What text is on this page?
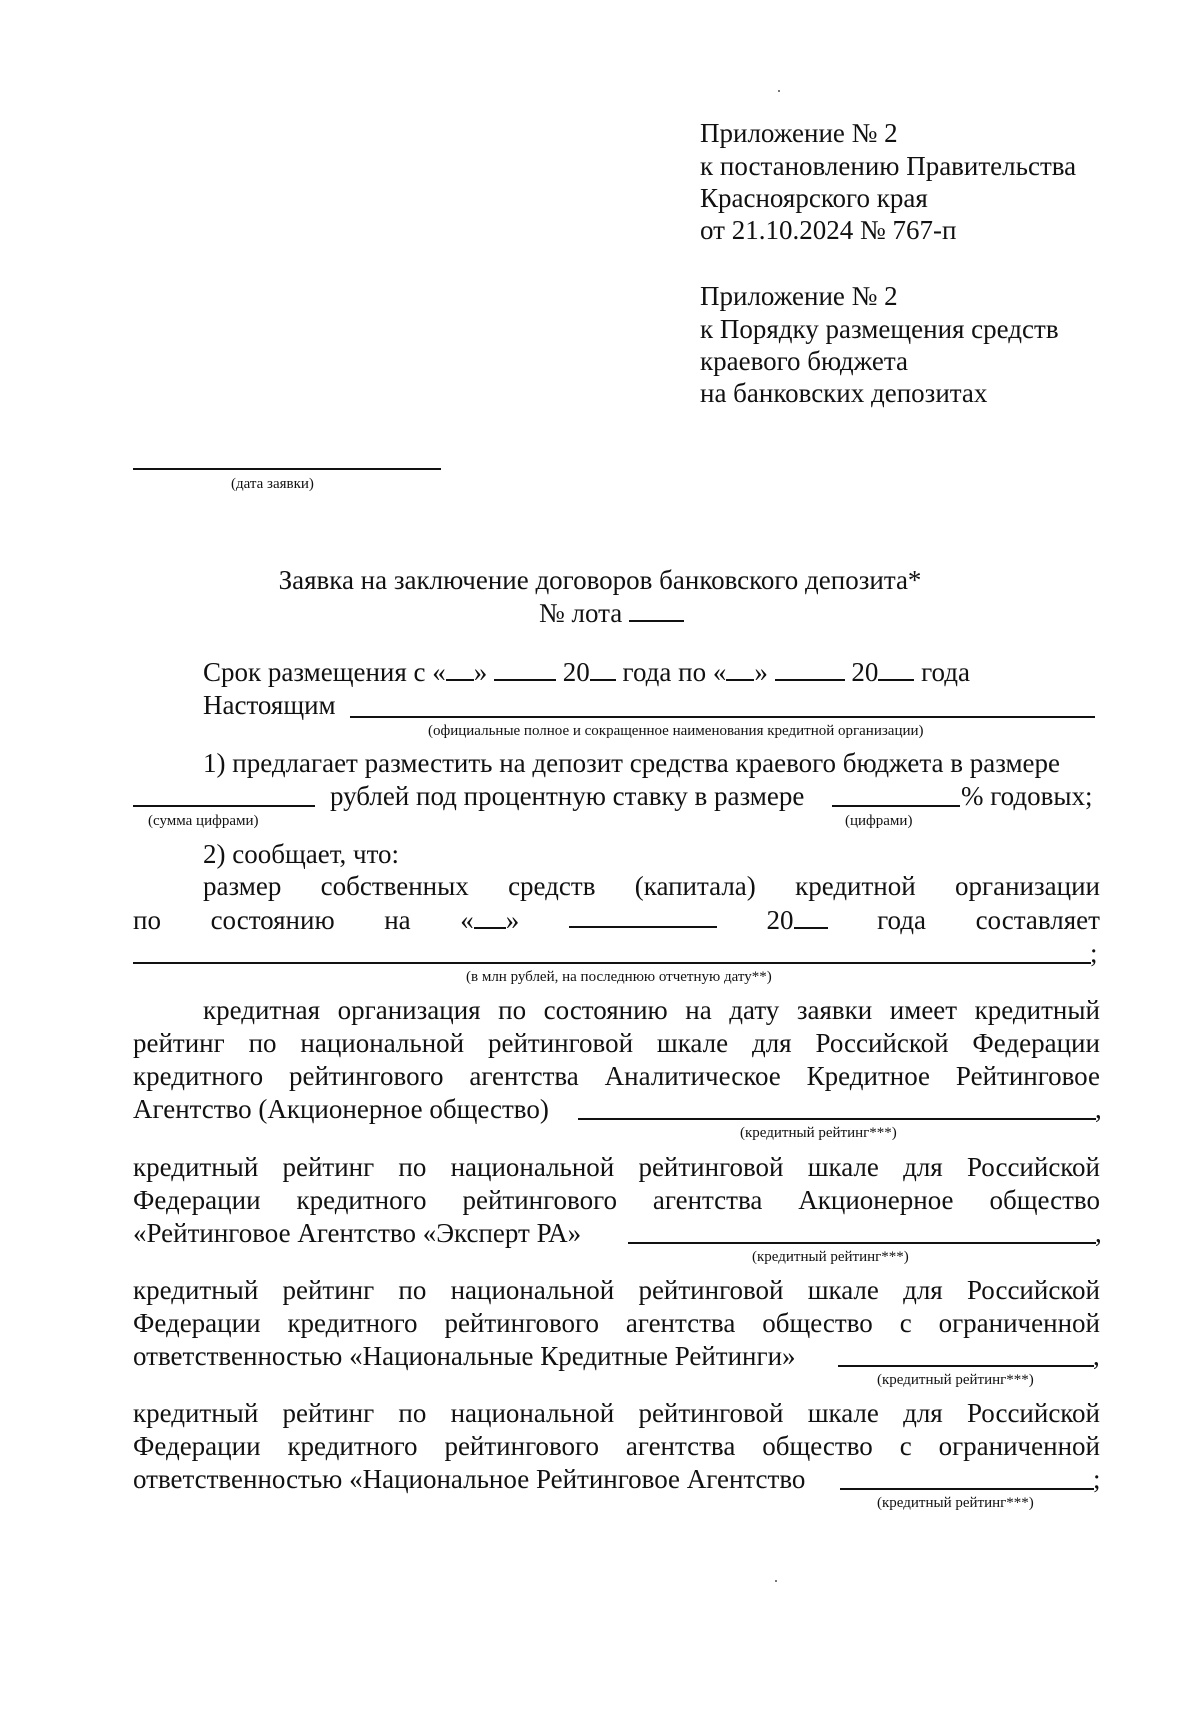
Приложение № 2
к постановлению Правительства
Красноярского края
от 21.10.2024 № 767-п
Приложение № 2
к Порядку размещения средств
краевого бюджета
на банковских депозитах
(дата заявки)
Заявка на заключение договоров банковского депозита*
№ лота
Срок размещения с « »	20 года по « »	20 года
Настоящим
(официальные полное и сокращенное наименования кредитной организации)
1) предлагает разместить на депозит средства краевого бюджета в размере
рублей под процентную ставку в размере	% годовых;
(сумма цифрами)	(цифрами)
2) сообщает, что:
размер собственных средств (капитала) кредитной организации
по состоянию на « »	20	года составляет
;
(в млн рублей, на последнюю отчетную дату**)
кредитная организация по состоянию на дату заявки имеет кредитный
рейтинг по национальной рейтинговой шкале для Российской Федерации
кредитного рейтингового агентства Аналитическое Кредитное Рейтинговое
Агентство (Акционерное общество)	,
(кредитный рейтинг***)
кредитный рейтинг по национальной рейтинговой шкале для Российской
Федерации кредитного рейтингового агентства Акционерное общество
«Рейтинговое Агентство «Эксперт РА»	,
(кредитный рейтинг***)
кредитный рейтинг по национальной рейтинговой шкале для Российской
Федерации кредитного рейтингового агентства общество с ограниченной
ответственностью «Национальные Кредитные Рейтинги»	,
(кредитный рейтинг***)
кредитный рейтинг по национальной рейтинговой шкале для Российской
Федерации кредитного рейтингового агентства общество с ограниченной
ответственностью «Национальное Рейтинговое Агентство	;
(кредитный рейтинг***)
